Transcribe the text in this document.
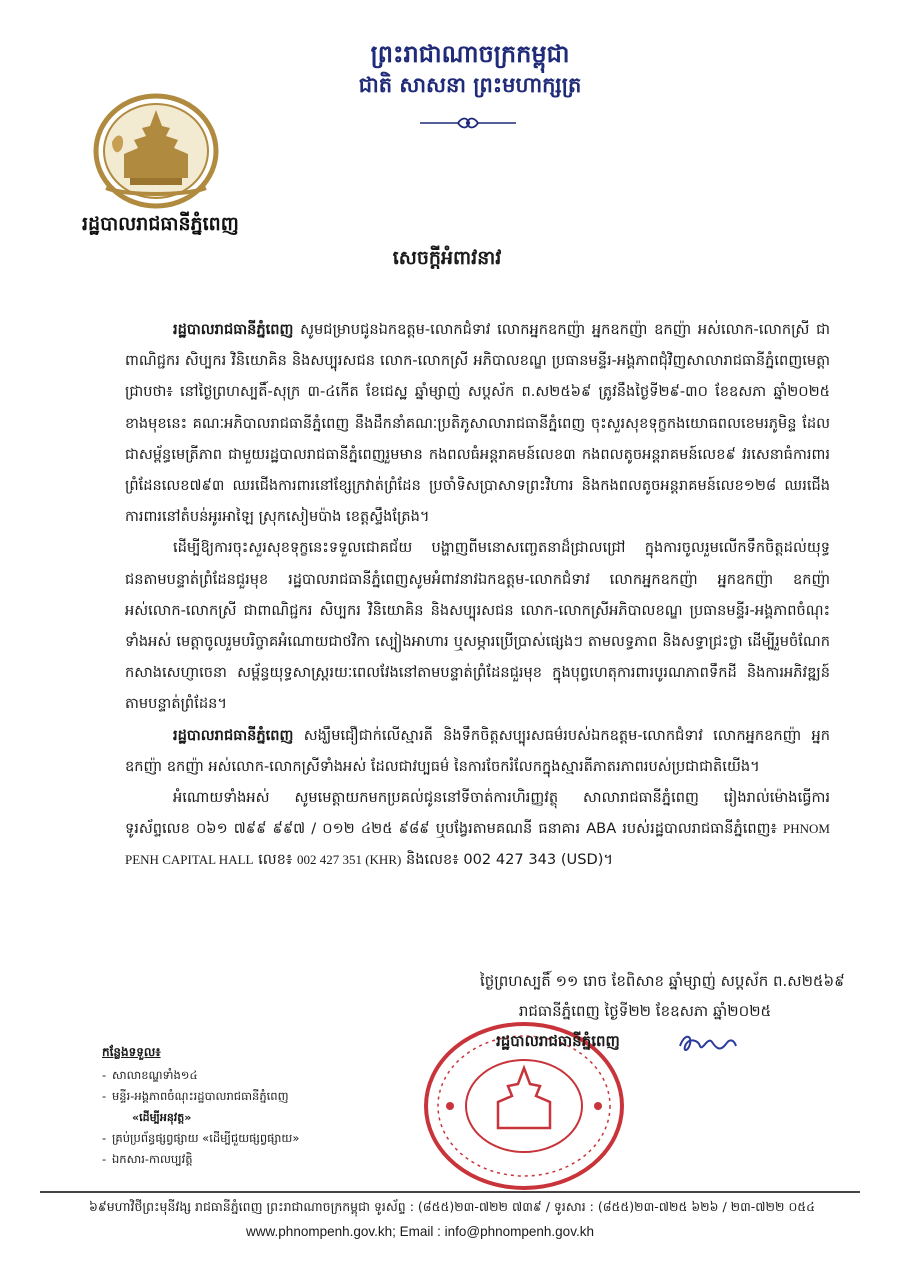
ព្រះរាជាណាចក្រកម្ពុជា
ជាតិ សាសនា ព្រះមហាក្សត្រ
រដ្ឋបាលរាជធានីភ្នំពេញ
សេចក្ដីអំពាវនាវ

រដ្ឋបាលរាជធានីភ្នំពេញ សូមជម្រាបជូនឯកឧត្តម-លោកជំទាវ លោកអ្នកឧកញ៉ា អ្នកឧកញ៉ា ឧកញ៉ា អស់លោក-លោកស្រី ជាពាណិជ្ជករ សិប្បករ វិនិយោគិន និងសប្បុរសជន លោក-លោកស្រី អភិបាលខណ្ឌ ប្រធានមន្ទីរ-អង្គភាពជុំវិញសាលារាជធានីភ្នំពេញមេត្តាជ្រាបថា៖ នៅថ្ងៃព្រហស្បតិ៍-សុក្រ ៣-៤កើត ខែជេស្ឋ ឆ្នាំម្សាញ់ សប្តស័ក ព.ស២៥៦៩ ត្រូវនឹងថ្ងៃទី២៩-៣០ ខែឧសភា ឆ្នាំ២០២៥ ខាងមុខនេះ គណៈអភិបាលរាជធានីភ្នំពេញ នឹងដឹកនាំគណៈប្រតិភូសាលារាជធានីភ្នំពេញ ចុះសួរសុខទុក្ខកងយោធពលខេមរភូមិន្ទ ដែលជាសម្ព័ន្ធមេត្រីភាព ជាមួយរដ្ឋបាលរាជធានីភ្នំពេញរួមមាន កងពលធំអន្តរាគមន៍លេខ៣ កងពលតូចអន្តរាគមន៍លេខ៩ វរសេនាធំការពារព្រំដែនលេខ៧៩៣ ឈរជើងការពារនៅខ្សែក្រវាត់ព្រំដែន ប្រចាំទិសប្រាសាទព្រះវិហារ និងកងពលតូចអន្តរាគមន៍លេខ១២៨ ឈរជើងការពារនៅតំបន់អូរអាឡៃ ស្រុកសៀមប៉ាង ខេត្តស្ទឹងត្រែង។

ដើម្បីឱ្យការចុះសួរសុខទុក្ខនេះទទួលជោគជ័យ បង្ហាញពីមនោសញ្ចេតនាដ៏ជ្រាលជ្រៅ ក្នុងការចូលរួមលើកទឹកចិត្តដល់យុទ្ធជនតាមបន្ទាត់ព្រំដែនជួរមុខ រដ្ឋបាលរាជធានីភ្នំពេញសូមអំពាវនាវឯកឧត្តម-លោកជំទាវ លោកអ្នកឧកញ៉ា អ្នកឧកញ៉ា ឧកញ៉ា អស់លោក-លោកស្រី ជាពាណិជ្ជករ សិប្បករ វិនិយោគិន និងសប្បុរសជន លោក-លោកស្រីអភិបាលខណ្ឌ ប្រធានមន្ទីរ-អង្គភាពចំណុះទាំងអស់ មេត្តាចូលរួមបរិច្ចាគអំណោយជាថវិកា ស្បៀងអាហារ ឬសម្ភារប្រើប្រាស់ផ្សេងៗ តាមលទ្ធភាព និងសទ្ធាជ្រះថ្លា ដើម្បីរួមចំណែកកសាងសេហ្ញាចេនា សម្ព័ន្ធយុទ្ធសាស្ត្ររយៈពេលវែងនៅតាមបន្ទាត់ព្រំដែនជួរមុខ ក្នុងបុព្វហេតុការពារបូរណភាពទឹកដី និងការអភិវឌ្ឍន៍តាមបន្ទាត់ព្រំដែន។

រដ្ឋបាលរាជធានីភ្នំពេញ សង្ឃឹមជឿជាក់លើស្មារតី និងទឹកចិត្តសប្បុរសធម៌របស់ឯកឧត្តម-លោកជំទាវ លោកអ្នកឧកញ៉ា អ្នកឧកញ៉ា ឧកញ៉ា អស់លោក-លោកស្រីទាំងអស់ ដែលជាវប្បធម៌ នៃការចែករំលែកក្នុងស្មារតីភាតរភាពរបស់ប្រជាជាតិយើង។

អំណោយទាំងអស់ សូមមេត្តាយកមកប្រគល់ជូននៅទីចាត់ការហិរញ្ញវត្ថុ សាលារាជធានីភ្នំពេញ រៀងរាល់ម៉ោងធ្វើការ ទូរស័ព្ទលេខ ០៦១ ៧៩៩ ៩៩៧ / ០១២ ៤២៥ ៩៨៩ ឬបង្វែរតាមគណនី ធនាគារ ABA របស់រដ្ឋបាលរាជធានីភ្នំពេញ៖ PHNOM PENH CAPITAL HALL លេខ៖ 002 427 351 (KHR) និងលេខ៖ 002 427 343 (USD)។

ថ្ងៃព្រហស្បតិ៍ ១១ រោច ខែពិសាខ ឆ្នាំម្សាញ់ សប្តស័ក ព.ស២៥៦៩
រាជធានីភ្នំពេញ ថ្ងៃទី២២ ខែឧសភា ឆ្នាំ២០២៥
រដ្ឋបាលរាជធានីភ្នំពេញ
កន្លែងទទួល៖
- សាលាខណ្ឌទាំង១៤
- មន្ទីរ-អង្គភាពចំណុះរដ្ឋបាលរាជធានីភ្នំពេញ
«ដើម្បីអនុវត្ត»
- គ្រប់ប្រព័ន្ធផ្សព្វផ្សាយ «ដើម្បីជួយផ្សព្វផ្សាយ»
- ឯកសារ-កាលប្បវត្តិ
៦៩មហាវិថីព្រះមុនីវង្ស រាជធានីភ្នំពេញ ព្រះរាជាណាចក្រកម្ពុជា ទូរស័ព្ទ : (៨៥៥)២៣-៧២២ ៧៣៩ / ទូរសារ : (៨៥៥)២៣-៧២៥ ៦២៦ / ២៣-៧២២ ០៥៤
www.phnompenh.gov.kh; Email : info@phnompenh.gov.kh
